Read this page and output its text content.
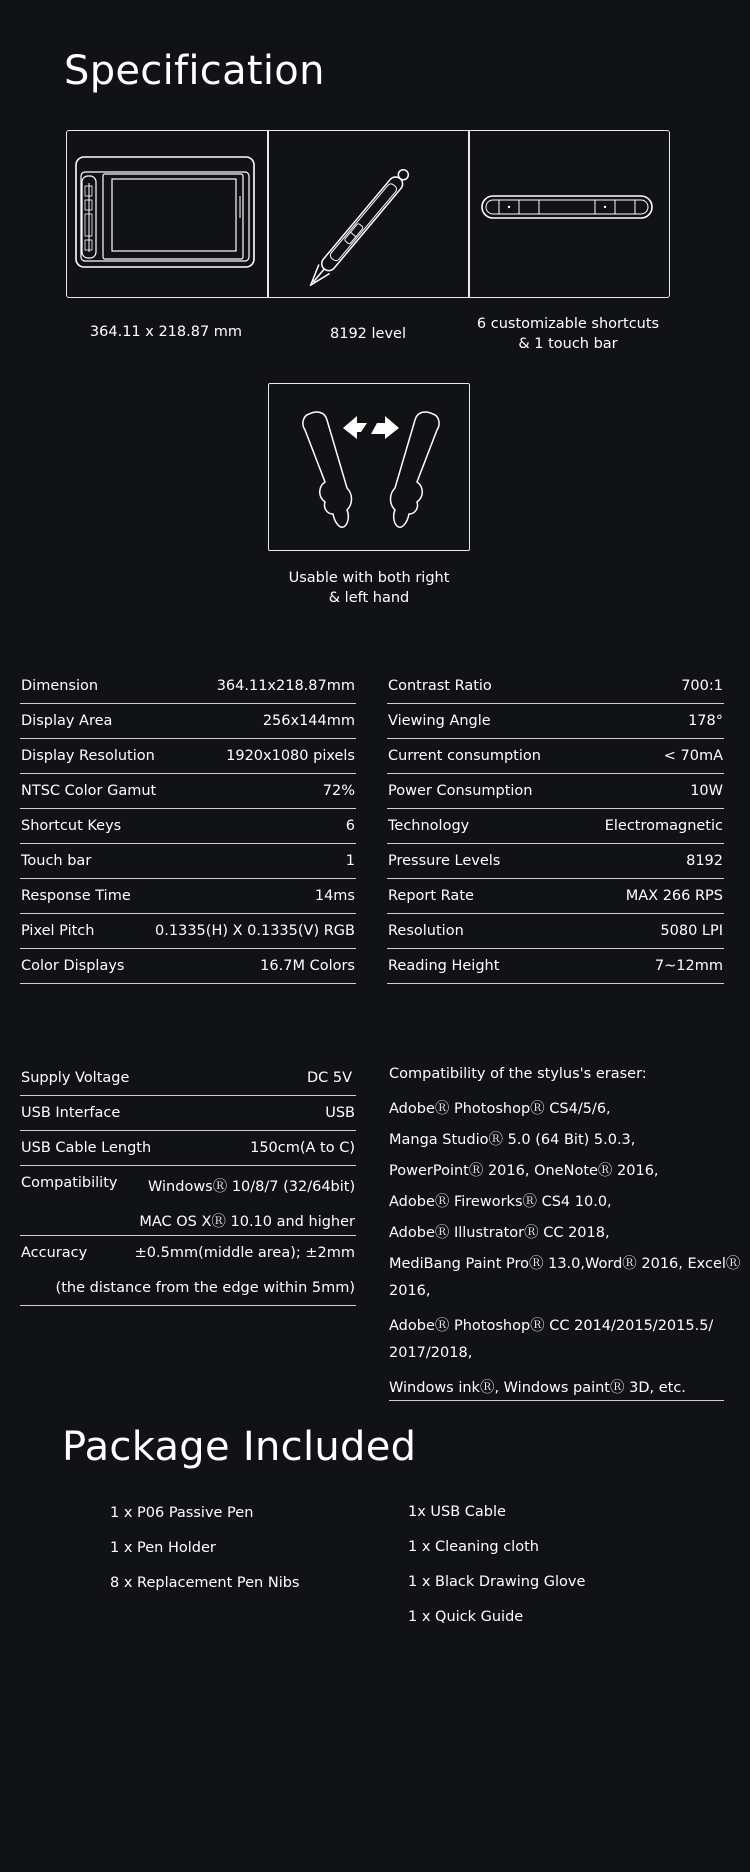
Specification
364.11 x 218.87 mm	8192 level
6 customizable shortcuts
& 1 touch bar
Usable with both right
& left hand
Dimension	364.11x218.87mm
Display Area	256x144mm
Display Resolution	1920x1080 pixels
NTSC Color Gamut	72%
Shortcut Keys	6
Touch bar	1
Response Time	14ms
Pixel Pitch	0.1335(H) X 0.1335(V) RGB
Color Displays	16.7M Colors
Contrast Ratio	700:1
Viewing Angle	178°
Current consumption	< 70mA
Power Consumption	10W
Technology	Electromagnetic
Pressure Levels	8192
Report Rate	MAX 266 RPS
Resolution	5080 LPI
Reading Height	7~12mm
Supply Voltage	DC 5V
USB Interface	USB
USB Cable Length	150cm(A to C)
Compatibility WindowsⓇ 10/8/7 (32/64bit)
MAC OS XⓇ 10.10 and higher
Accuracy	±0.5mm(middle area); ±2mm
(the distance from the edge within 5mm)
Compatibility of the stylus's eraser:
AdobeⓇ PhotoshopⓇ CS4/5/6,
Manga StudioⓇ 5.0 (64 Bit) 5.0.3,
PowerPointⓇ 2016, OneNoteⓇ 2016,
AdobeⓇ FireworksⓇ CS4 10.0,
AdobeⓇ IllustratorⓇ CC 2018,
MediBang Paint ProⓇ 13.0,WordⓇ 2016, ExcelⓇ
2016,
AdobeⓇ PhotoshopⓇ CC 2014/2015/2015.5/
2017/2018,
Windows inkⓇ, Windows paintⓇ 3D, etc.
Package Included
1 x P06 Passive Pen
1 x Pen Holder
8 x Replacement Pen Nibs
1x USB Cable
1 x Cleaning cloth
1 x Black Drawing Glove
1 x Quick Guide
